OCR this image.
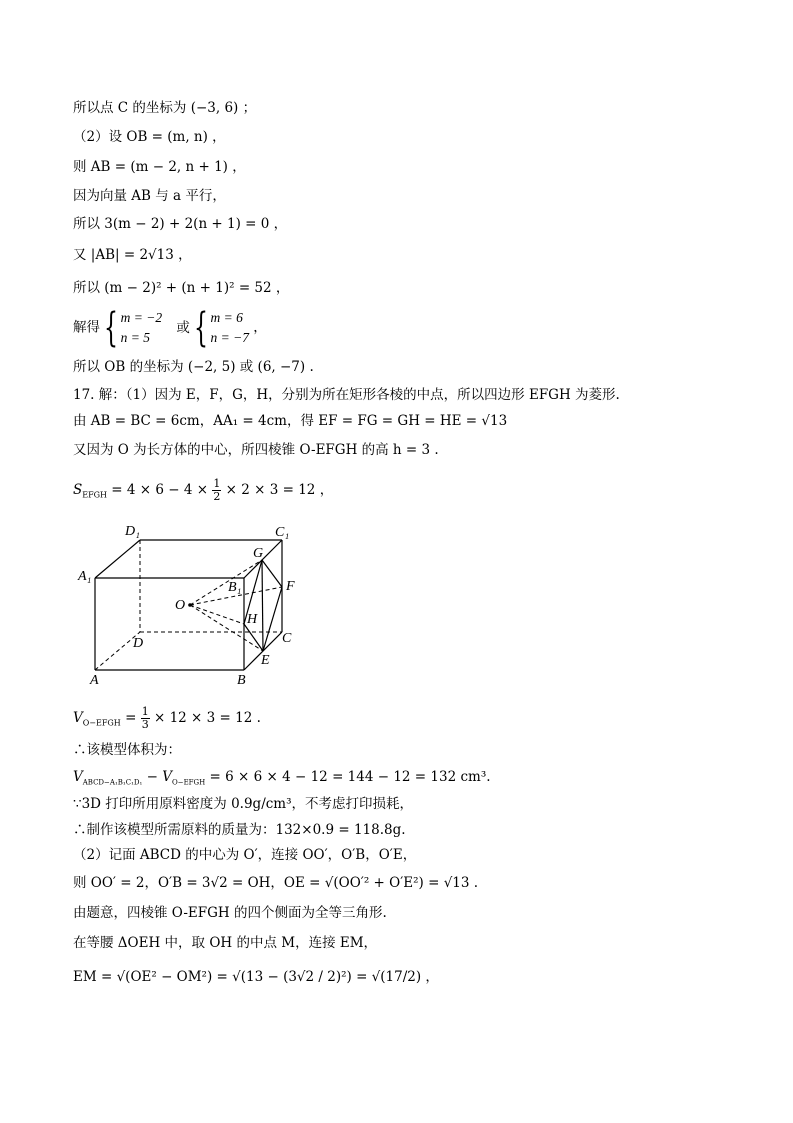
所以点 C 的坐标为 (−3, 6) ；
（2）设 OB = (m, n) ，
则 AB = (m − 2, n + 1) ，
因为向量 AB 与 a 平行，
所以 3(m − 2) + 2(n + 1) = 0 ，
又 |AB| = 2√13 ，
所以 (m − 2)² + (n + 1)² = 52 ，
解得 { m = −2
n = 5
或 { m = 6
n = −7
，
所以 OB 的坐标为 (−2, 5) 或 (6, −7) .
17. 解：（1）因为 E，F，G，H，分别为所在矩形各棱的中点，所以四边形 EFGH 为菱形.
由 AB = BC = 6cm，AA₁ = 4cm，得 EF = FG = GH = HE = √13
又因为 O 为长方体的中心，所四棱锥 O-EFGH 的高 h = 3 .
$S_{EFGH} = 4 \times 6 - 4 \times \frac{1}{2} \times 2 \times 3 = 12$ ，
D₁	C₁
A₁
G
B₁	F
O
H
D	C
E
A	B
$V_{O-EFGH} = \frac{1}{3} \times 12 \times 3 = 12$ .
∴该模型体积为：
$V_{ABCD-A_1B_1C_1D_1} - V_{O-EFGH} = 6 \times 6 \times 4 - 12 = 144 - 12 = 132$ cm³.
∵3D 打印所用原料密度为 0.9g/cm³，不考虑打印损耗，
∴制作该模型所需原料的质量为：132×0.9 = 118.8g.
（2）记面 ABCD 的中心为 O′，连接 OO′，O′B，O′E，
则 OO′ = 2，O′B = 3√2 = OH，OE = √(OO′² + O′E²) = √13 .
由题意，四棱锥 O-EFGH 的四个侧面为全等三角形.
在等腰 ΔOEH 中，取 OH 的中点 M，连接 EM，
EM = √(OE² − OM²) = √(13 − (3√2 / 2)²) = √(17/2) ，
